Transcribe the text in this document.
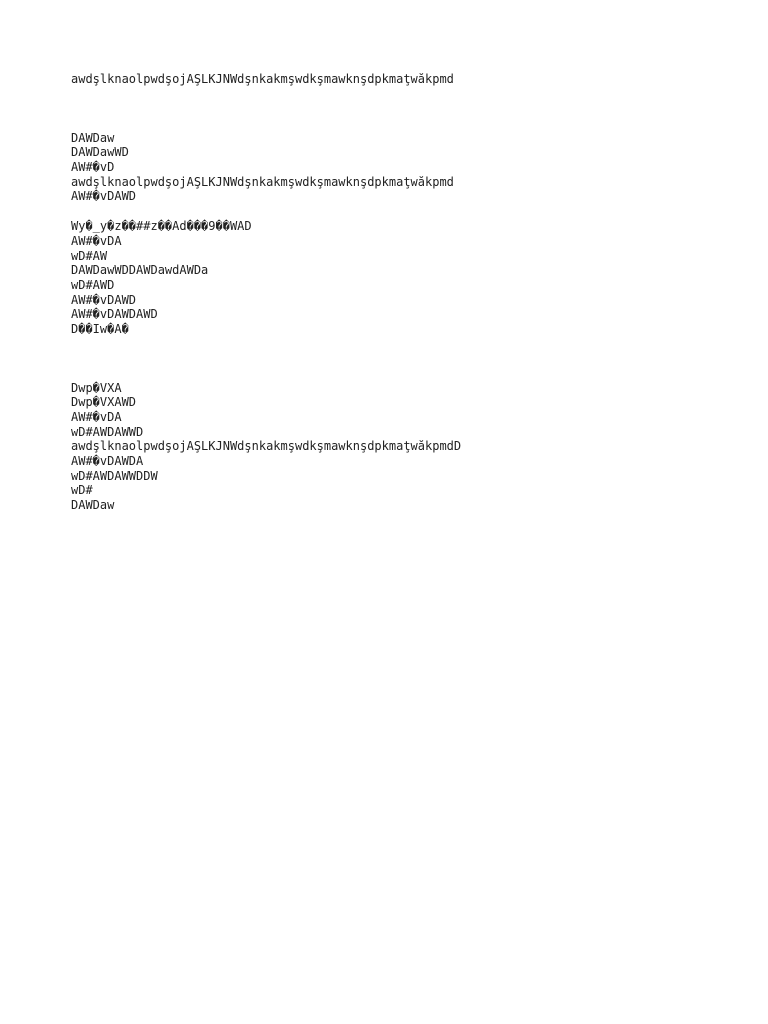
awdşlknaolpwdşojAŞLKJNWdşnkakmşwdkşmawknşdpkmaţwăkpmd
DAWDaw
DAWDawWD
AW#�vD
awdşlknaolpwdşojAŞLKJNWdşnkakmşwdkşmawknşdpkmaţwăkpmd
AW#�vDAWD
Wy�_y�z��##z��Ad���9��WAD
AW#�vDA
wD#AW
DAWDawWDDAWDawdAWDa
wD#AWD
AW#�vDAWD
AW#�vDAWDAWD
D��Iw�A�
Dwp�VXA
Dwp�VXAWD
AW#�vDA
wD#AWDAWWD
awdşlknaolpwdşojAŞLKJNWdşnkakmşwdkşmawknşdpkmaţwăkpmdD
AW#�vDAWDA
wD#AWDAWWDDW
wD#
DAWDaw
